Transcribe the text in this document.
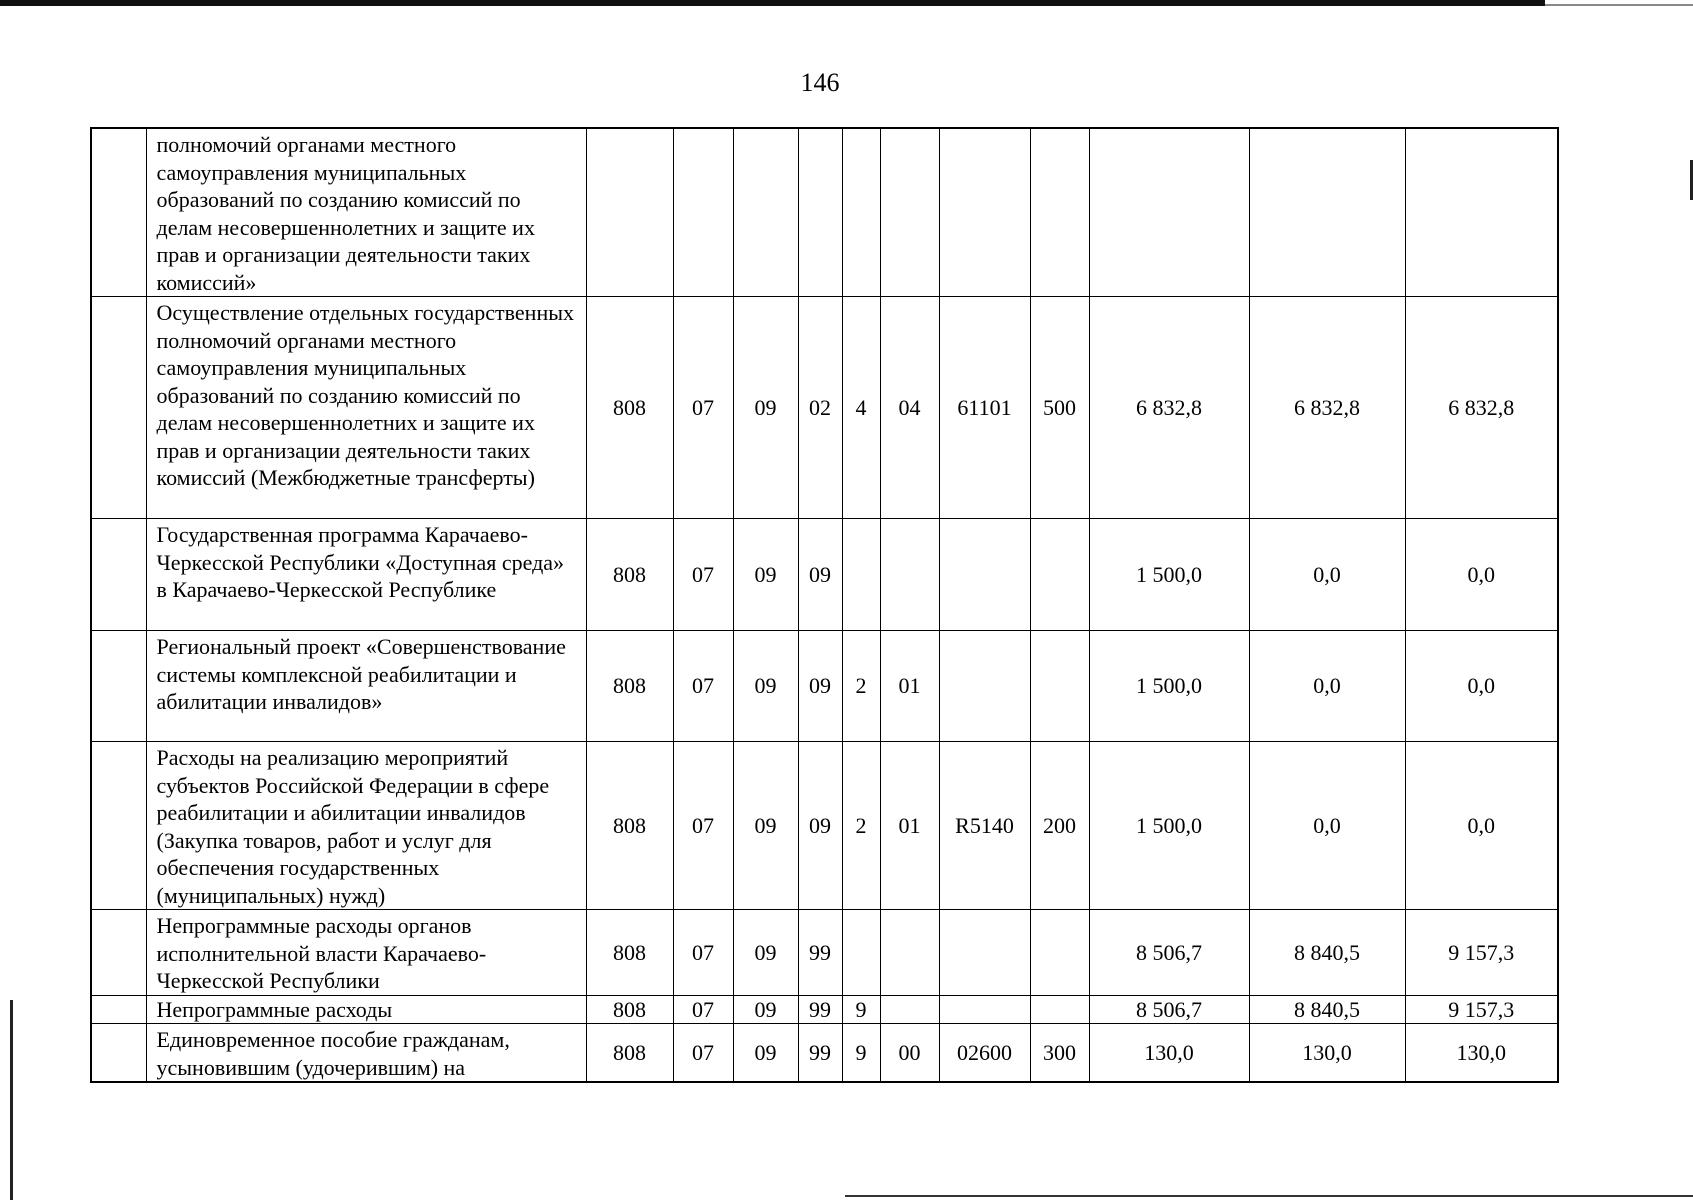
146
	полномочий органами местного самоуправления муниципальных образований по созданию комиссий по делам несовершеннолетних и защите их прав и организации деятельности таких комиссий»											
	Осуществление отдельных государственных полномочий органами местного самоуправления муниципальных образований по созданию комиссий по делам несовершеннолетних и защите их прав и организации деятельности таких комиссий (Межбюджетные трансферты)	808	07	09	02	4	04	61101	500	6 832,8	6 832,8	6 832,8
	Государственная программа Карачаево-Черкесской Республики «Доступная среда» в Карачаево-Черкесской Республике	808	07	09	09					1 500,0	0,0	0,0
	Региональный проект «Совершенствование системы комплексной реабилитации и абилитации инвалидов»	808	07	09	09	2	01			1 500,0	0,0	0,0
	Расходы на реализацию мероприятий субъектов Российской Федерации в сфере реабилитации и абилитации инвалидов (Закупка товаров, работ и услуг для обеспечения государственных (муниципальных) нужд)	808	07	09	09	2	01	R5140	200	1 500,0	0,0	0,0
	Непрограммные расходы органов исполнительной власти Карачаево-Черкесской Республики	808	07	09	99					8 506,7	8 840,5	9 157,3
	Непрограммные расходы	808	07	09	99	9				8 506,7	8 840,5	9 157,3
	Единовременное пособие гражданам, усыновившим (удочерившим) на	808	07	09	99	9	00	02600	300	130,0	130,0	130,0
